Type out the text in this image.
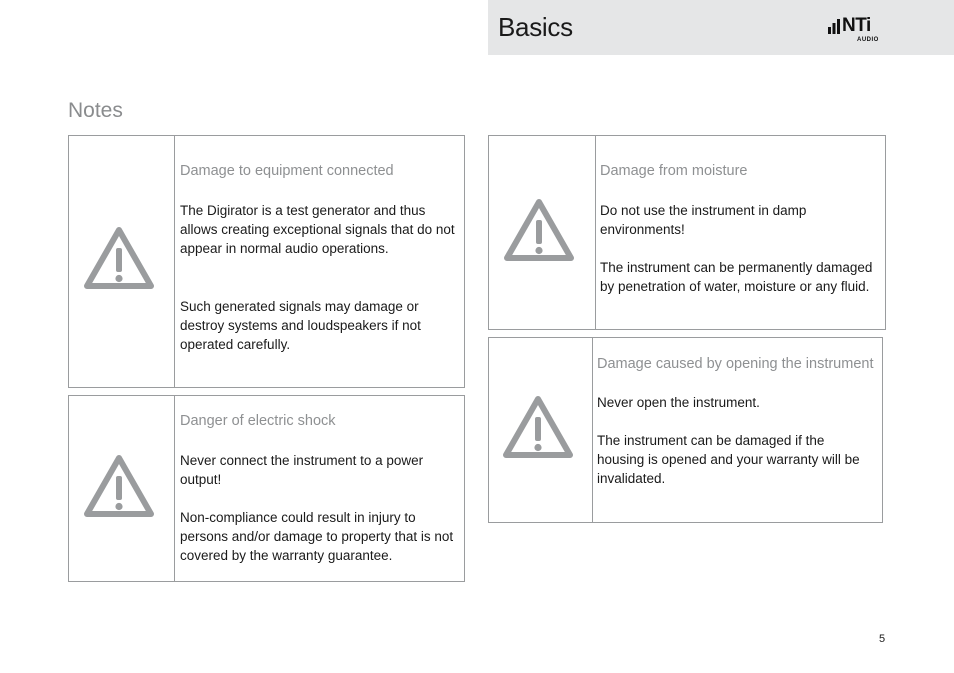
Basics	NTi
AUDIO
Notes

Damage to equipment connected

The Digirator is a test generator and thus allows creating exceptional signals that do not appear in normal audio operations.

Such generated signals may damage or destroy systems and loudspeakers if not operated carefully.

Danger of electric shock

Never connect the instrument to a power output!

Non-compliance could result in injury to persons and/or damage to property that is not covered by the warranty guarantee.

Damage from moisture

Do not use the instrument in damp environments!

The instrument can be permanently damaged by penetration of water, moisture or any fluid.

Damage caused by opening the instrument

Never open the instrument.

The instrument can be damaged if the housing is opened and your warranty will be invalidated.

5
